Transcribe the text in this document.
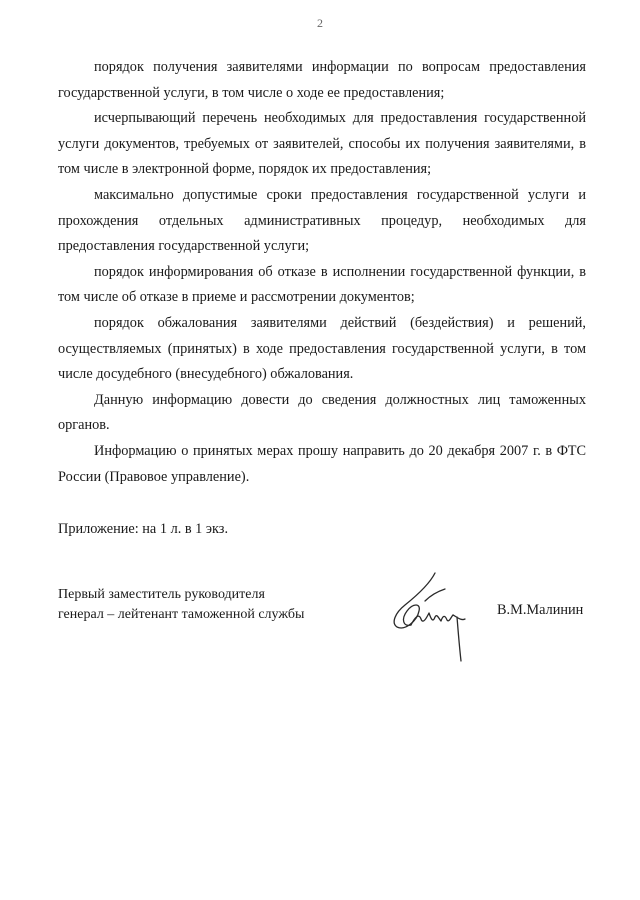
2

порядок получения заявителями информации по вопросам предоставления государственной услуги, в том числе о ходе ее предоставления;

исчерпывающий перечень необходимых для предоставления государственной услуги документов, требуемых от заявителей, способы их получения заявителями, в том числе в электронной форме, порядок их предоставления;

максимально допустимые сроки предоставления государственной услуги и прохождения отдельных административных процедур, необходимых для предоставления государственной услуги;

порядок информирования об отказе в исполнении государственной функции, в том числе об отказе в приеме и рассмотрении документов;

порядок обжалования заявителями действий (бездействия) и решений, осуществляемых (принятых) в ходе предоставления государственной услуги, в том числе досудебного (внесудебного) обжалования.

Данную информацию довести до сведения должностных лиц таможенных органов.

Информацию о принятых мерах прошу направить до 20 декабря 2007 г. в ФТС России (Правовое управление).

Приложение: на 1 л. в 1 экз.
Первый заместитель руководителя
генерал – лейтенант таможенной службы	В.М.Малинин
